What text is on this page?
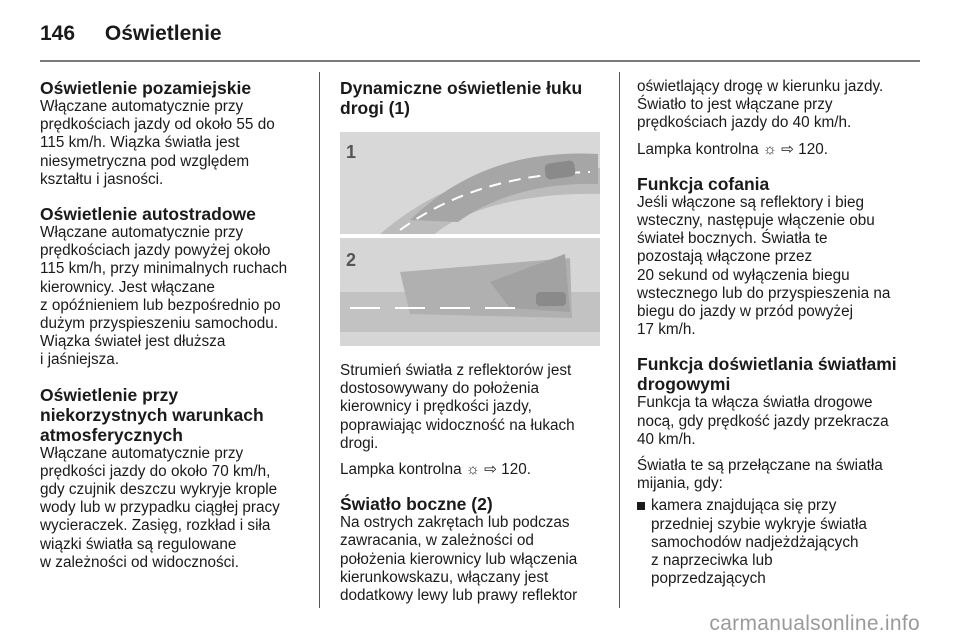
146 Oświetlenie
Oświetlenie pozamiejskie
Włączane automatycznie przy
prędkościach jazdy od około 55 do
115 km/h. Wiązka światła jest
niesymetryczna pod względem
kształtu i jasności.
Oświetlenie autostradowe
Włączane automatycznie przy
prędkościach jazdy powyżej około
115 km/h, przy minimalnych ruchach
kierownicy. Jest włączane
z opóźnieniem lub bezpośrednio po
dużym przyspieszeniu samochodu.
Wiązka świateł jest dłuższa
i jaśniejsza.
Oświetlenie przy
niekorzystnych warunkach
atmosferycznych
Włączane automatycznie przy
prędkości jazdy do około 70 km/h,
gdy czujnik deszczu wykryje krople
wody lub w przypadku ciągłej pracy
wycieraczek. Zasięg, rozkład i siła
wiązki światła są regulowane
w zależności od widoczności.
Dynamiczne oświetlenie łuku
drogi (1)
1
2
Strumień światła z reflektorów jest
dostosowywany do położenia
kierownicy i prędkości jazdy,
poprawiając widoczność na łukach
drogi.
Lampka kontrolna ☼ ⇨ 120.
Światło boczne (2)
Na ostrych zakrętach lub podczas
zawracania, w zależności od
położenia kierownicy lub włączenia
kierunkowskazu, włączany jest
dodatkowy lewy lub prawy reflektor
oświetlający drogę w kierunku jazdy.
Światło to jest włączane przy
prędkościach jazdy do 40 km/h.
Lampka kontrolna ☼ ⇨ 120.
Funkcja cofania
Jeśli włączone są reflektory i bieg
wsteczny, następuje włączenie obu
świateł bocznych. Światła te
pozostają włączone przez
20 sekund od wyłączenia biegu
wstecznego lub do przyspieszenia na
biegu do jazdy w przód powyżej
17 km/h.
Funkcja doświetlania światłami
drogowymi
Funkcja ta włącza światła drogowe
nocą, gdy prędkość jazdy przekracza
40 km/h.
Światła te są przełączane na światła
mijania, gdy:
kamera znajdująca się przy
przedniej szybie wykryje światła
samochodów nadjeżdżających
z naprzeciwka lub
poprzedzających
carmanualsonline.info
